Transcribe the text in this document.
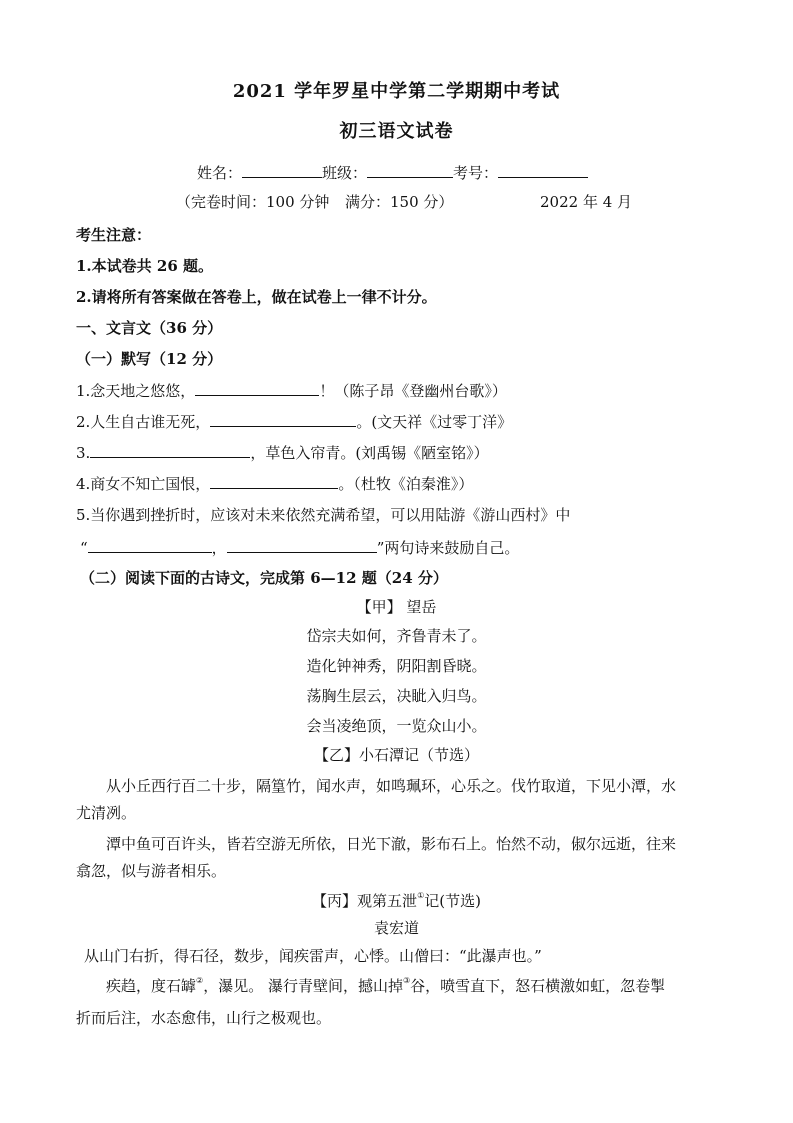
2021 学年罗星中学第二学期期中考试
初三语文试卷
姓名：	班级：	考号：
（完卷时间：100 分钟 满分：150 分）	2022 年 4 月
考生注意：
1.本试卷共 26 题。
2.请将所有答案做在答卷上，做在试卷上一律不计分。
一、文言文（36 分）
（一）默写（12 分）
1.念天地之悠悠，	！（陈子昂《登幽州台歌》）
2.人生自古谁无死，	。(文天祥《过零丁洋》
3.	，草色入帘青。(刘禹锡《陋室铭》）
4.商女不知亡国恨，	。（杜牧《泊秦淮》）
5.当你遇到挫折时，应该对未来依然充满希望，可以用陆游《游山西村》中
“	，	”两句诗来鼓励自己。
（二）阅读下面的古诗文，完成第 6—12 题（24 分）
【甲】 望岳
岱宗夫如何，齐鲁青未了。
造化钟神秀，阴阳割昏晓。
荡胸生层云，决眦入归鸟。
会当凌绝顶，一览众山小。
【乙】小石潭记（节选）
从小丘西行百二十步，隔篁竹，闻水声，如鸣珮环，心乐之。伐竹取道，下见小潭，水
尤清冽。
潭中鱼可百许头，皆若空游无所依，日光下澈，影布石上。怡然不动，俶尔远逝，往来
翕忽，似与游者相乐。
【丙】观第五泄①记(节选)
袁宏道
从山门右折，得石径，数步，闻疾雷声，心悸。山僧曰：“此瀑声也。”
疾趋，度石罅②，瀑见。 瀑行青壁间，撼山掉③谷，喷雪直下，怒石横激如虹，忽卷掣
折而后注，水态愈伟，山行之极观也。
